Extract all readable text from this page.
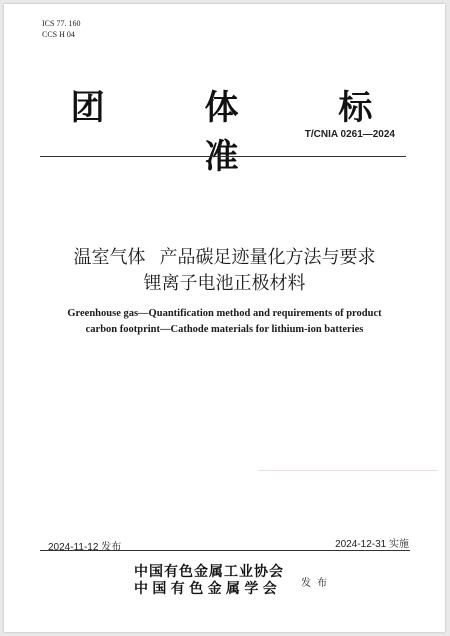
ICS 77. 160
CCS H 04
团 体 标 准
T/CNIA 0261—2024
温室气体 产品碳足迹量化方法与要求
锂离子电池正极材料
Greenhouse gas—Quantification method and requirements of product
carbon footprint—Cathode materials for lithium-ion batteries
2024-11-12 发布	2024-12-31 实施
中国有色金属工业协会
中国有色金属学会 发布
